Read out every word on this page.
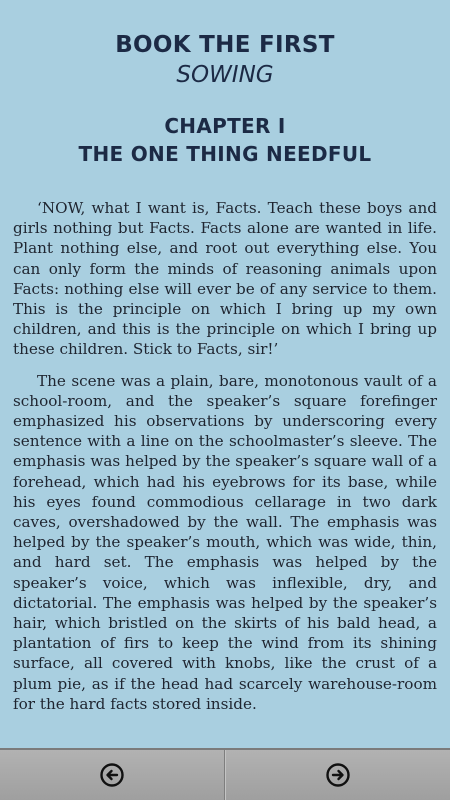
BOOK THE FIRST
SOWING
CHAPTER I
THE ONE THING NEEDFUL

‘NOW, what I want is, Facts. Teach these boys and girls nothing but Facts. Facts alone are wanted in life. Plant nothing else, and root out everything else. You can only form the minds of reasoning animals upon Facts: nothing else will ever be of any service to them. This is the principle on which I bring up my own children, and this is the principle on which I bring up these children. Stick to Facts, sir!’

The scene was a plain, bare, monotonous vault of a school-room, and the speaker’s square forefinger emphasized his observations by underscoring every sentence with a line on the schoolmaster’s sleeve. The emphasis was helped by the speaker’s square wall of a forehead, which had his eyebrows for its base, while his eyes found commodious cellarage in two dark caves, overshadowed by the wall. The emphasis was helped by the speaker’s mouth, which was wide, thin, and hard set. The emphasis was helped by the speaker’s voice, which was inflexible, dry, and dictatorial. The emphasis was helped by the speaker’s hair, which bristled on the skirts of his bald head, a plantation of firs to keep the wind from its shining surface, all covered with knobs, like the crust of a plum pie, as if the head had scarcely warehouse-room for the hard facts stored inside.
